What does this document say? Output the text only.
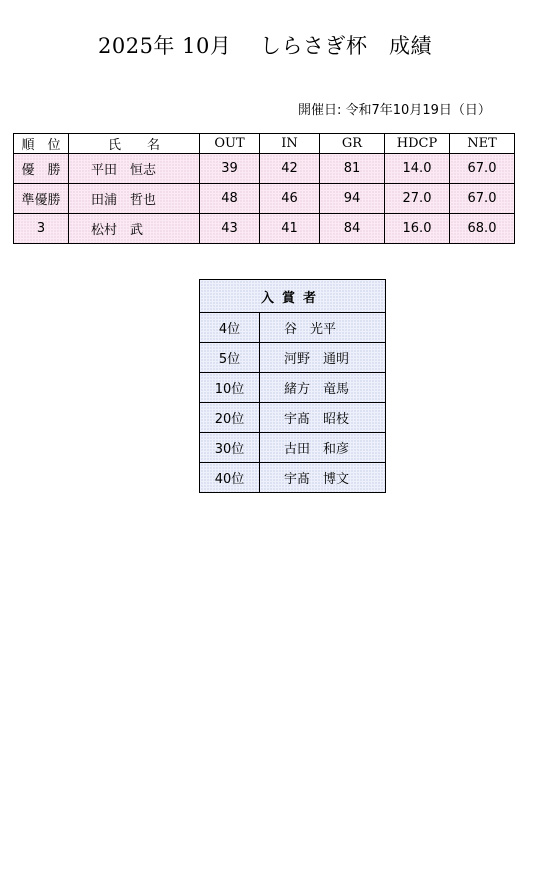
2025年 10月　 しらさぎ杯　成績
開催日: 令和7年10月19日（日）
順　位	氏　　名	OUT	IN	GR	HDCP	NET
優　勝	平田　恒志	39	42	81	14.0	67.0
準優勝	田浦　哲也	48	46	94	27.0	67.0
3	松村　武	43	41	84	16.0	68.0
入賞者	
4位	谷　光平
5位	河野　通明
10位	緒方　竜馬
20位	宇髙　昭枝
30位	古田　和彦
40位	宇髙　博文
